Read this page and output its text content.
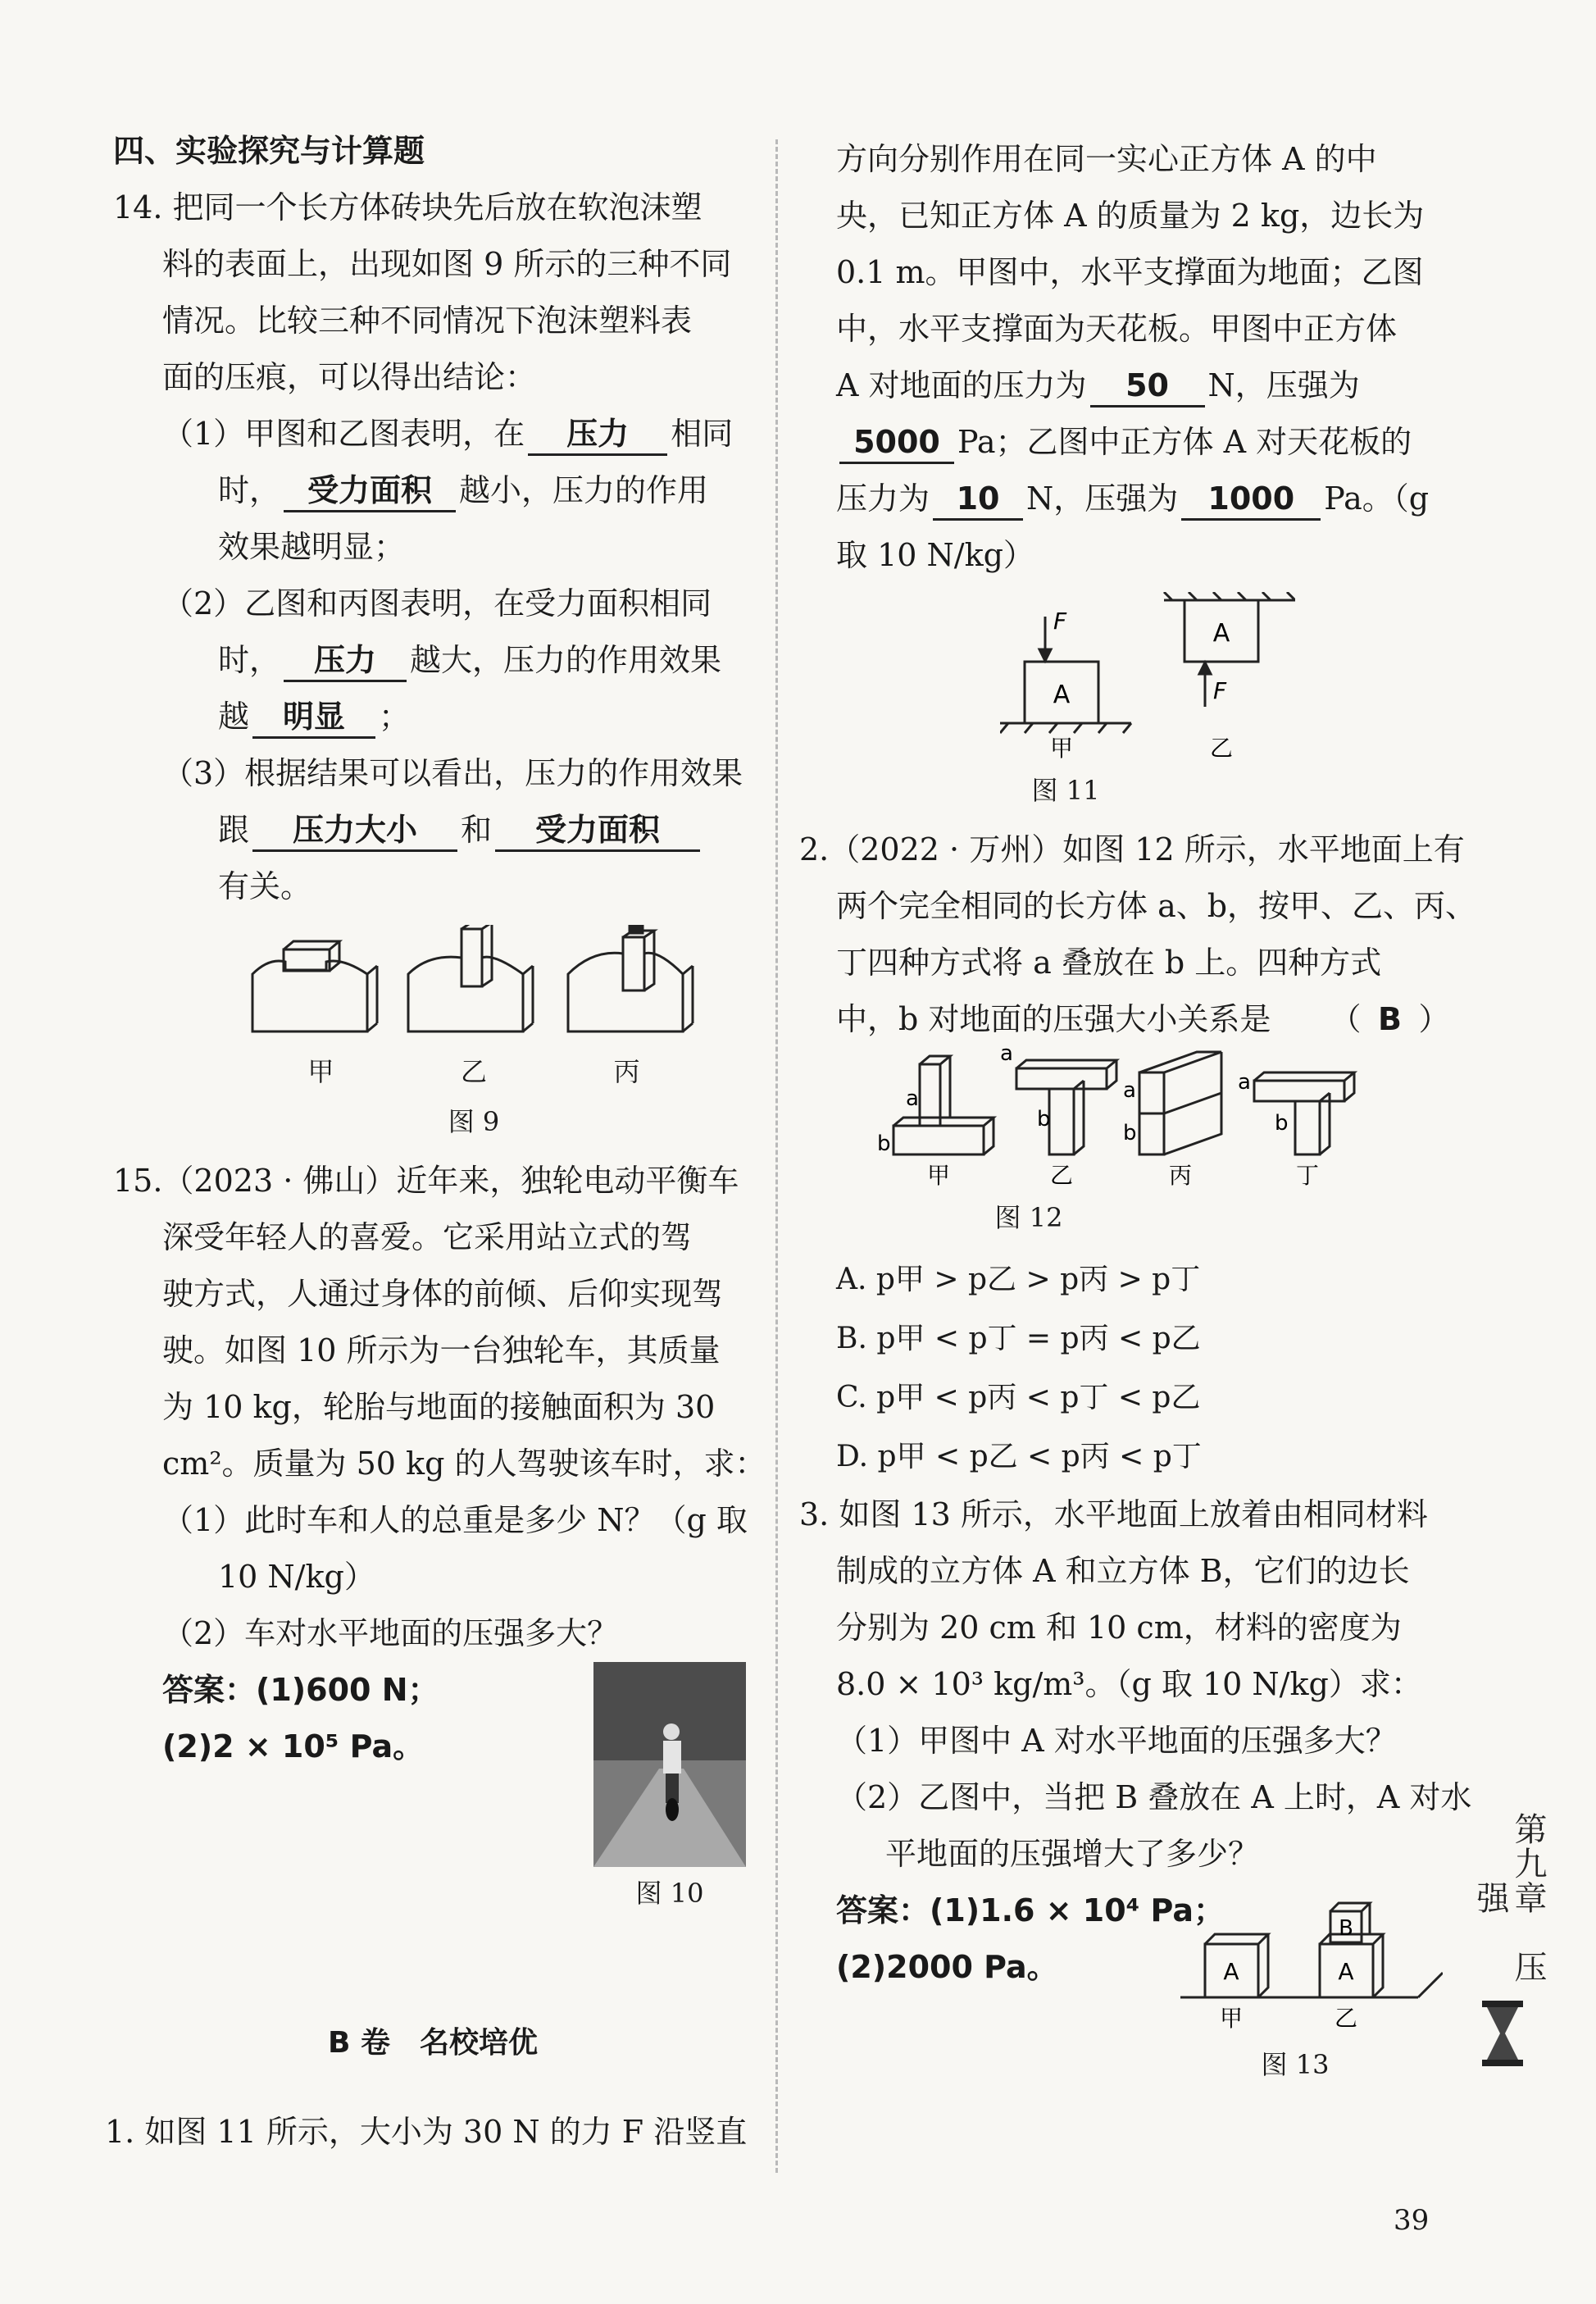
四、实验探究与计算题
14. 把同一个长方体砖块先后放在软泡沫塑
料的表面上，出现如图 9 所示的三种不同
情况。比较三种不同情况下泡沫塑料表
面的压痕，可以得出结论：
（1）甲图和乙图表明，在 压力 相同
时， 受力面积 越小，压力的作用
效果越明显；
（2）乙图和丙图表明，在受力面积相同
时， 压力 越大，压力的作用效果
越 明显 ；
（3）根据结果可以看出，压力的作用效果
跟 压力大小 和 受力面积
有关。
甲	乙	丙
图 9
15.（2023 · 佛山）近年来，独轮电动平衡车
深受年轻人的喜爱。它采用站立式的驾
驶方式，人通过身体的前倾、后仰实现驾
驶。如图 10 所示为一台独轮车，其质量
为 10 kg，轮胎与地面的接触面积为 30
cm²。质量为 50 kg 的人驾驶该车时，求：
（1）此时车和人的总重是多少 N？（g 取
10 N/kg）
（2）车对水平地面的压强多大？
答案：(1)600 N；
(2)2 × 10⁵ Pa。
图 10
B 卷　名校培优
1. 如图 11 所示，大小为 30 N 的力 F 沿竖直
方向分别作用在同一实心正方体 A 的中
央，已知正方体 A 的质量为 2 kg，边长为
0.1 m。甲图中，水平支撑面为地面；乙图
中，水平支撑面为天花板。甲图中正方体
A 对地面的压力为 50 N，压强为
5000 Pa；乙图中正方体 A 对天花板的
压力为 10 N，压强为 1000 Pa。（g
取 10 N/kg）
A
A
F
F
甲	乙
图 11
2.（2022 · 万州）如图 12 所示，水平地面上有
两个完全相同的长方体 a、b，按甲、乙、丙、
丁四种方式将 a 叠放在 b 上。四种方式
中，b 对地面的压强大小关系是 （ B ）
a
b
a
b
a
b
a
b
甲	乙	丙	丁
图 12
A. p甲 > p乙 > p丙 > p丁
B. p甲 < p丁 = p丙 < p乙
C. p甲 < p丙 < p丁 < p乙
D. p甲 < p乙 < p丙 < p丁
3. 如图 13 所示，水平地面上放着由相同材料
制成的立方体 A 和立方体 B，它们的边长
分别为 20 cm 和 10 cm，材料的密度为
8.0 × 10³ kg/m³。（g 取 10 N/kg）求：
（1）甲图中 A 对水平地面的压强多大？
（2）乙图中，当把 B 叠放在 A 上时，A 对水
平地面的压强增大了多少？
答案：(1)1.6 × 10⁴ Pa；
(2)2000 Pa。	A	A
B
甲	乙
图 13
第九章　压强
39
